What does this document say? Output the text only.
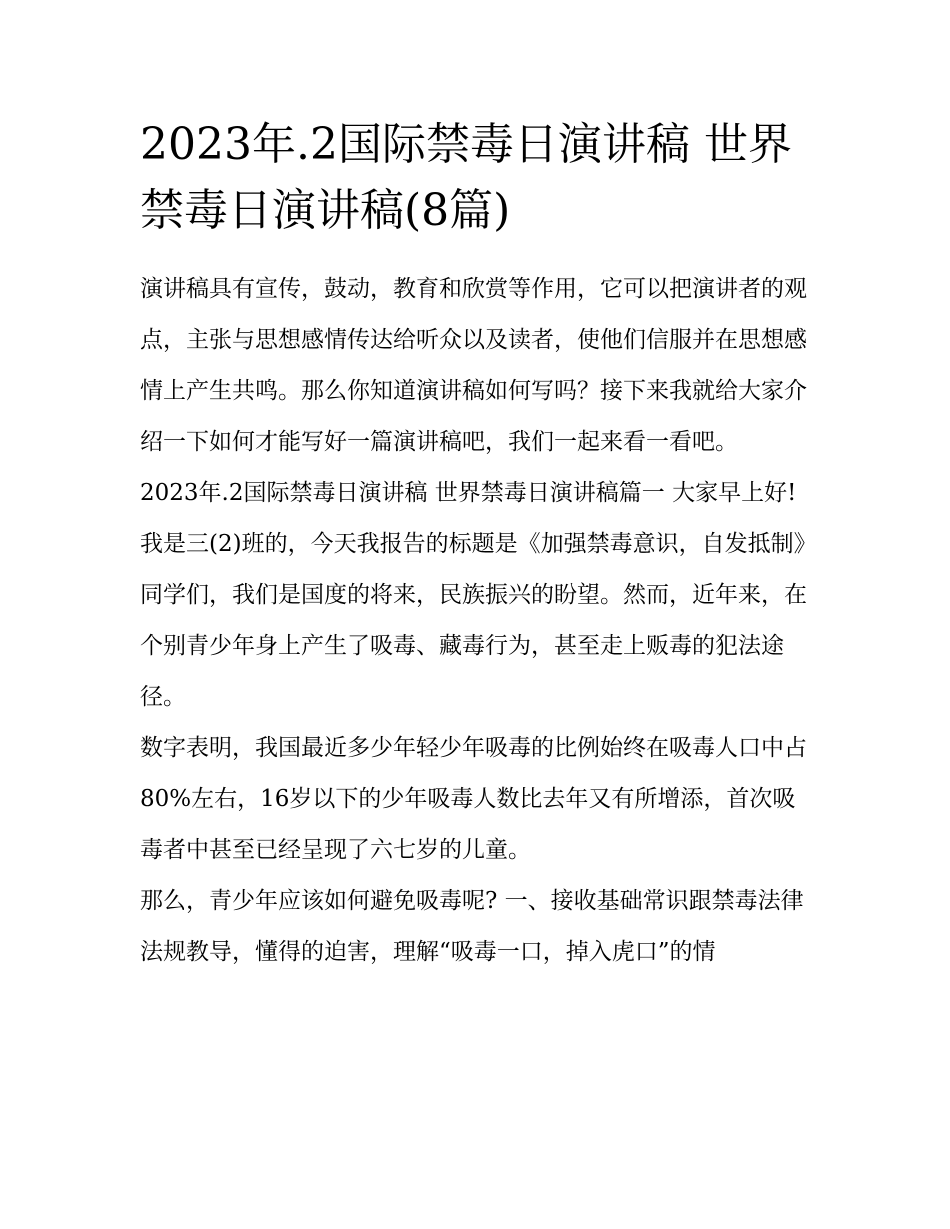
2023年.2国际禁毒日演讲稿 世界禁毒日演讲稿(8篇)

演讲稿具有宣传，鼓动，教育和欣赏等作用，它可以把演讲者的观点，主张与思想感情传达给听众以及读者，使他们信服并在思想感情上产生共鸣。那么你知道演讲稿如何写吗？接下来我就给大家介绍一下如何才能写好一篇演讲稿吧，我们一起来看一看吧。

2023年.2国际禁毒日演讲稿 世界禁毒日演讲稿篇一 大家早上好!我是三(2)班的，今天我报告的标题是《加强禁毒意识，自发抵制》

同学们，我们是国度的将来，民族振兴的盼望。然而，近年来，在个别青少年身上产生了吸毒、藏毒行为，甚至走上贩毒的犯法途径。

数字表明，我国最近多少年轻少年吸毒的比例始终在吸毒人口中占80%左右，16岁以下的少年吸毒人数比去年又有所增添，首次吸毒者中甚至已经呈现了六七岁的儿童。

那么，青少年应该如何避免吸毒呢? 一、接收基础常识跟禁毒法律法规教导，懂得的迫害，理解“吸毒一口，掉入虎口”的情
